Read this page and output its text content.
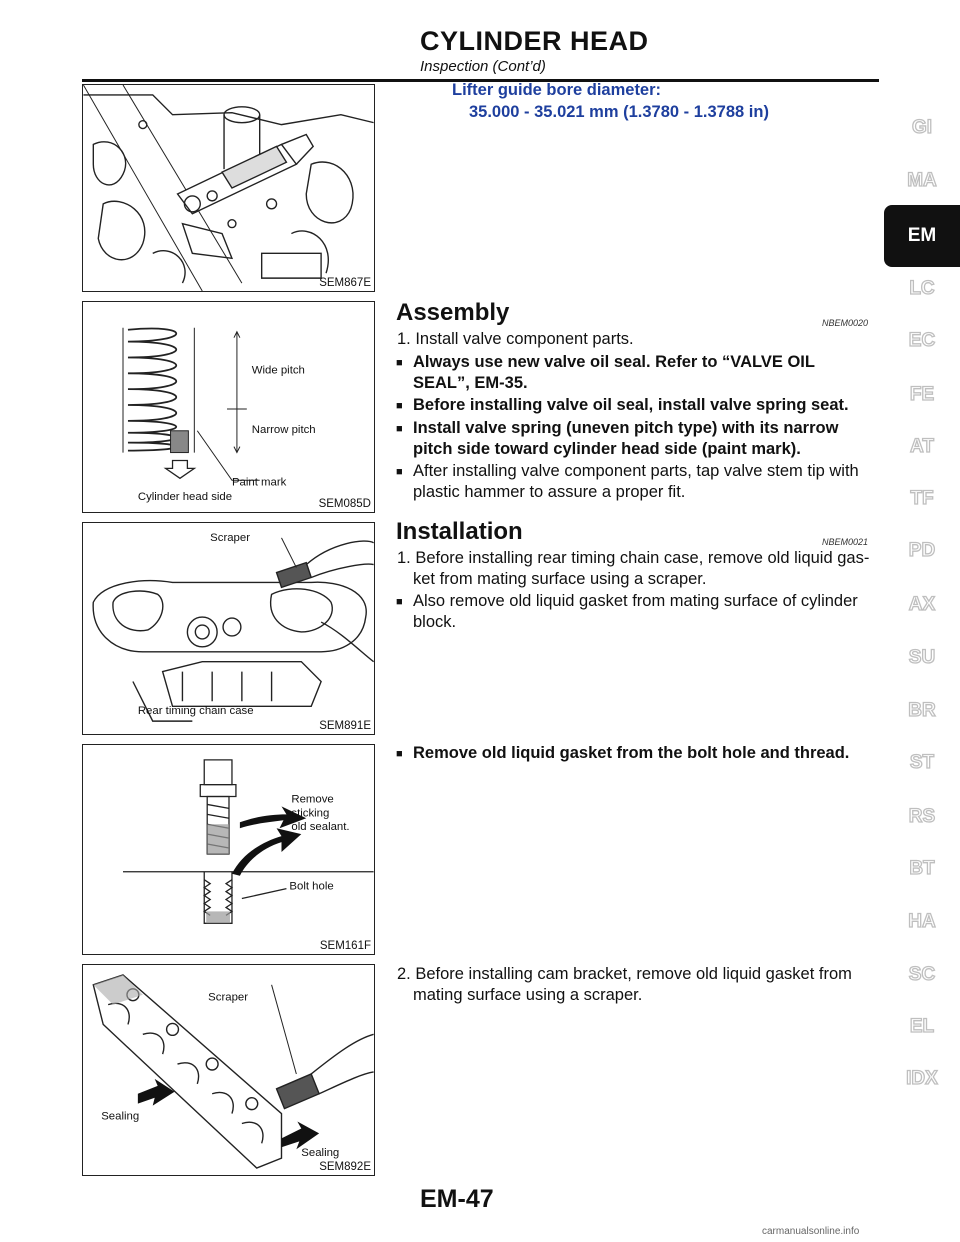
CYLINDER HEAD
Inspection (Cont’d)
SEM867E
Wide pitch
Narrow pitch
Paint mark
Cylinder head side
SEM085D
Scraper
Rear timing chain case
SEM891E
Remove
sticking
old sealant.
Bolt hole
SEM161F
Scraper
Sealing
Sealing
SEM892E
Lifter guide bore diameter:
35.000 - 35.021 mm (1.3780 - 1.3788 in)
Assembly	NBEM0020
1. Install valve component parts.
■ Always use new valve oil seal. Refer to “VALVE OIL
SEAL”, EM-35.
■ Before installing valve oil seal, install valve spring seat.
■ Install valve spring (uneven pitch type) with its narrow
pitch side toward cylinder head side (paint mark).
■ After installing valve component parts, tap valve stem tip with
plastic hammer to assure a proper fit.
Installation	NBEM0021
1. Before installing rear timing chain case, remove old liquid gas-
ket from mating surface using a scraper.
■ Also remove old liquid gasket from mating surface of cylinder
block.
■ Remove old liquid gasket from the bolt hole and thread.
2. Before installing cam bracket, remove old liquid gasket from
mating surface using a scraper.
GI
MA
EM
LC
EC
FE
AT
TF
PD
AX
SU
BR
ST
RS
BT
HA
SC
EL
IDX
EM-47
carmanualsonline.info
